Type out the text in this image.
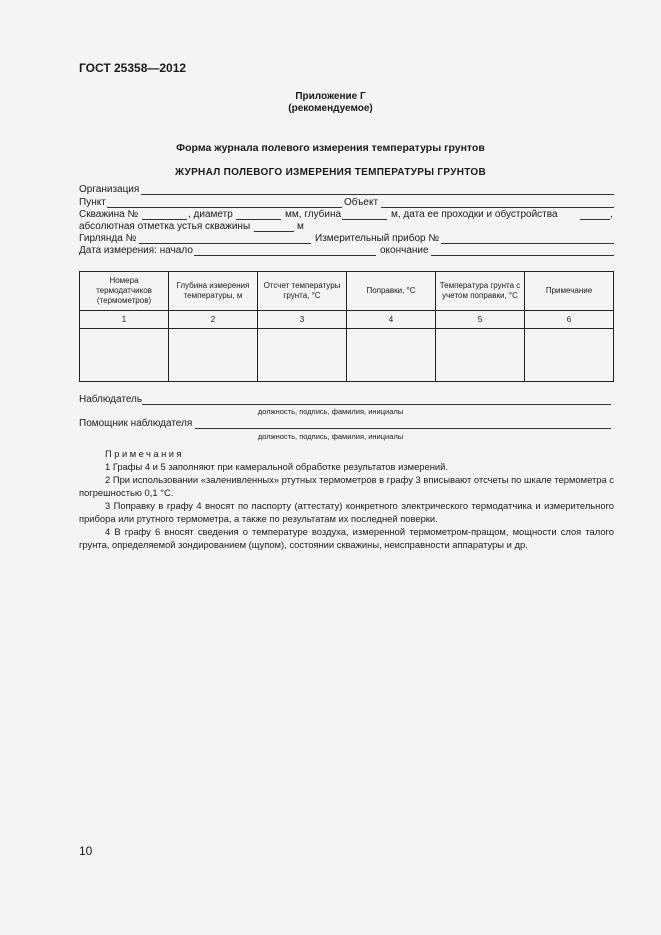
ГОСТ 25358—2012
Приложение Г
(рекомендуемое)
Форма журнала полевого измерения температуры грунтов
ЖУРНАЛ ПОЛЕВОГО ИЗМЕРЕНИЯ ТЕМПЕРАТУРЫ ГРУНТОВ
Организация
Пункт	Объект
Скважина №	, диаметр	мм, глубина	м, дата ее проходки и обустройства	,
абсолютная отметка устья скважины	м
Гирлянда №	Измерительный прибор №
Дата измерения: начало	окончание
Номера термодатчиков (термометров)	Глубина измерения температуры, м	Отсчет температуры грунта, °С	Поправки, °С	Температура грунта с учетом поправки, °С	Примечание
1	2	3	4	5	6

Наблюдатель
должность, подпись, фамилия, инициалы
Помощник наблюдателя
должность, подпись, фамилия, инициалы

Примечания

1 Графы 4 и 5 заполняют при камеральной обработке результатов измерений.

2 При использовании «заленивленных» ртутных термометров в графу 3 вписывают отсчеты по шкале термометра с погрешностью 0,1 °С.

3 Поправку в графу 4 вносят по паспорту (аттестату) конкретного электрического термодатчика и измерительного прибора или ртутного термометра, а также по результатам их последней поверки.

4 В графу 6 вносят сведения о температуре воздуха, измеренной термометром-пращом, мощности слоя талого грунта, определяемой зондированием (щупом), состоянии скважины, неисправности аппаратуры и др.

10
